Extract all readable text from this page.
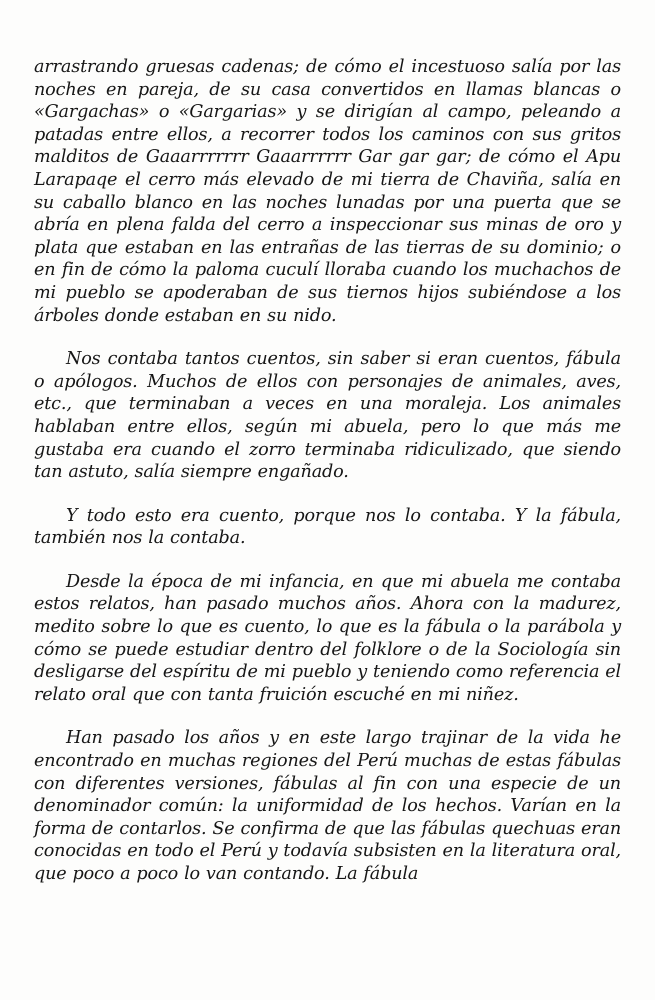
arrastrando gruesas cadenas; de cómo el incestuoso salía por las noches en pareja, de su casa convertidos en llamas blancas o «Gargachas» o «Gargarias» y se dirigían al campo, peleando a patadas entre ellos, a recorrer todos los caminos con sus gritos malditos de Gaaarrrrrrr Gaaarrrrrr Gar gar gar; de cómo el Apu Larapaqe el cerro más elevado de mi tierra de Chaviña, salía en su caballo blanco en las noches lunadas por una puerta que se abría en plena falda del cerro a inspeccionar sus minas de oro y plata que estaban en las entrañas de las tierras de su dominio; o en fin de cómo la paloma cuculí lloraba cuando los muchachos de mi pueblo se apoderaban de sus tiernos hijos subiéndose a los árboles donde estaban en su nido.

Nos contaba tantos cuentos, sin saber si eran cuentos, fábula o apólogos. Muchos de ellos con personajes de animales, aves, etc., que terminaban a veces en una moraleja. Los animales hablaban entre ellos, según mi abuela, pero lo que más me gustaba era cuando el zorro terminaba ridiculizado, que siendo tan astuto, salía siempre engañado.

Y todo esto era cuento, porque nos lo contaba. Y la fábula, también nos la contaba.

Desde la época de mi infancia, en que mi abuela me contaba estos relatos, han pasado muchos años. Ahora con la madurez, medito sobre lo que es cuento, lo que es la fábula o la parábola y cómo se puede estudiar dentro del folklore o de la Sociología sin desligarse del espíritu de mi pueblo y teniendo como referencia el relato oral que con tanta fruición escuché en mi niñez.

Han pasado los años y en este largo trajinar de la vida he encontrado en muchas regiones del Perú muchas de estas fábulas con diferentes versiones, fábulas al fin con una especie de un denominador común: la uniformidad de los hechos. Varían en la forma de contarlos. Se confirma de que las fábulas quechuas eran conocidas en todo el Perú y todavía subsisten en la literatura oral, que poco a poco lo van contando. La fábula
